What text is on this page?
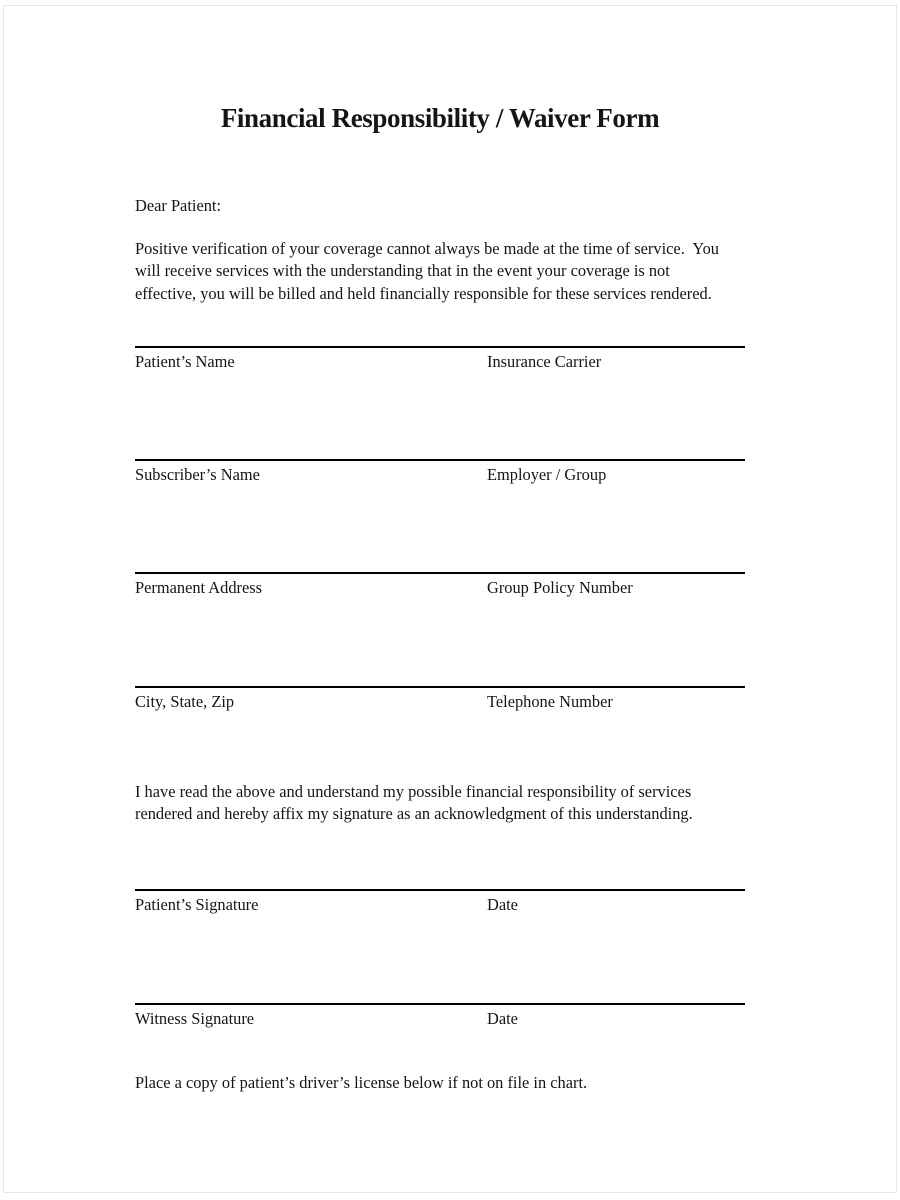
Financial Responsibility / Waiver Form
Dear Patient:
Positive verification of your coverage cannot always be made at the time of service.  You
will receive services with the understanding that in the event your coverage is not
effective, you will be billed and held financially responsible for these services rendered.
Patient’s Name	Insurance Carrier
Subscriber’s Name	Employer / Group
Permanent Address	Group Policy Number
City, State, Zip	Telephone Number
I have read the above and understand my possible financial responsibility of services
rendered and hereby affix my signature as an acknowledgment of this understanding.
Patient’s Signature	Date
Witness Signature	Date
Place a copy of patient’s driver’s license below if not on file in chart.
